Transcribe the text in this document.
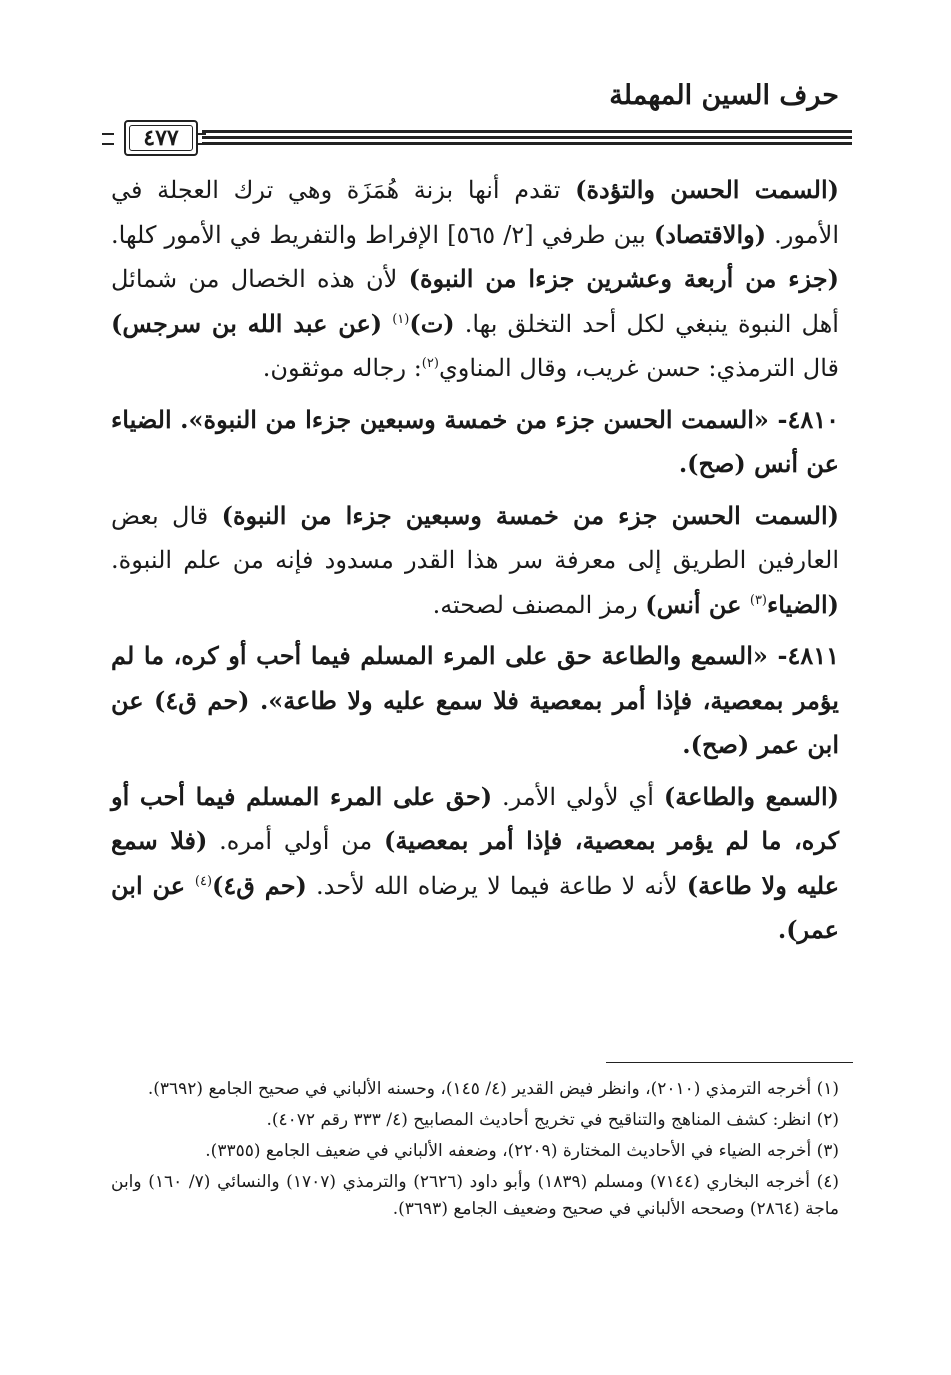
حرف السين المهملة
٤٧٧

(السمت الحسن والتؤدة) تقدم أنها بزنة هُمَزَة وهي ترك العجلة في الأمور. (والاقتصاد) بين طرفي [٢/ ٥٦٥] الإفراط والتفريط في الأمور كلها. (جزء من أربعة وعشرين جزءا من النبوة) لأن هذه الخصال من شمائل أهل النبوة ينبغي لكل أحد التخلق بها. (ت)$^{(١)}$ (عن عبد الله بن سرجس) قال الترمذي: حسن غريب، وقال المناوي$^{(٢)}$: رجاله موثقون.

٤٨١٠- «السمت الحسن جزء من خمسة وسبعين جزءا من النبوة». الضياء عن أنس (صح).

(السمت الحسن جزء من خمسة وسبعين جزءا من النبوة) قال بعض العارفين الطريق إلى معرفة سر هذا القدر مسدود فإنه من علم النبوة. (الضياء$^{(٣)}$ عن أنس) رمز المصنف لصحته.

٤٨١١- «السمع والطاعة حق على المرء المسلم فيما أحب أو كره، ما لم يؤمر بمعصية، فإذا أمر بمعصية فلا سمع عليه ولا طاعة». (حم ق٤) عن ابن عمر (صح).

(السمع والطاعة) أي لأولي الأمر. (حق على المرء المسلم فيما أحب أو كره، ما لم يؤمر بمعصية، فإذا أمر بمعصية) من أولي أمره. (فلا سمع عليه ولا طاعة) لأنه لا طاعة فيما لا يرضاه الله لأحد. (حم ق٤)$^{(٤)}$ عن ابن عمر).

(١) أخرجه الترمذي (٢٠١٠)، وانظر فيض القدير (٤/ ١٤٥)، وحسنه الألباني في صحيح الجامع (٣٦٩٢).

(٢) انظر: كشف المناهج والتناقيح في تخريج أحاديث المصابيح (٤/ ٣٣٣ رقم ٤٠٧٢).

(٣) أخرجه الضياء في الأحاديث المختارة (٢٢٠٩)، وضعفه الألباني في ضعيف الجامع (٣٣٥٥).

(٤) أخرجه البخاري (٧١٤٤) ومسلم (١٨٣٩) وأبو داود (٢٦٢٦) والترمذي (١٧٠٧) والنسائي (٧/ ١٦٠) وابن ماجة (٢٨٦٤) وصححه الألباني في صحيح وضعيف الجامع (٣٦٩٣).
